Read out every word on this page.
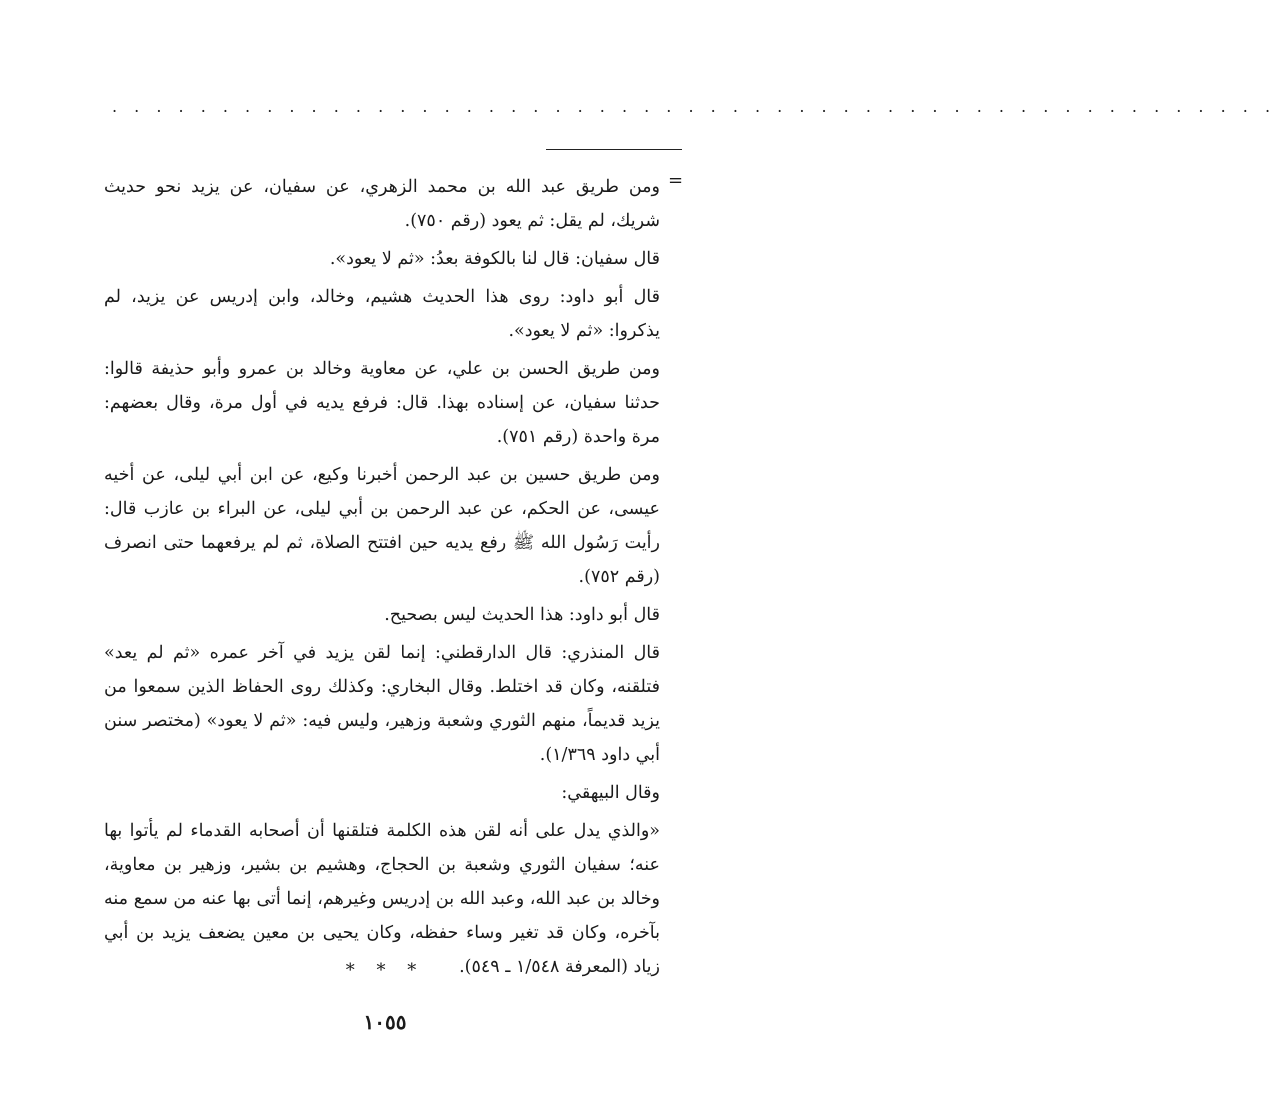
. . . . . . . . . . . . . . . . . . . . . . . . . . . . . . . . . . . . . . . . . . . . . . . . . . . . .
=

ومن طريق عبد الله بن محمد الزهري، عن سفيان، عن يزيد نحو حديث شريك، لم يقل: ثم يعود (رقم ٧٥٠).

قال سفيان: قال لنا بالكوفة بعدُ: «ثم لا يعود».

قال أبو داود: روى هذا الحديث هشيم، وخالد، وابن إدريس عن يزيد، لم يذكروا: «ثم لا يعود».

ومن طريق الحسن بن علي، عن معاوية وخالد بن عمرو وأبو حذيفة قالوا: حدثنا سفيان، عن إسناده بهذا. قال: فرفع يديه في أول مرة، وقال بعضهم: مرة واحدة (رقم ٧٥١).

ومن طريق حسين بن عبد الرحمن أخبرنا وكيع، عن ابن أبي ليلى، عن أخيه عيسى، عن الحكم، عن عبد الرحمن بن أبي ليلى، عن البراء بن عازب قال: رأيت رَسُول الله ﷺ رفع يديه حين افتتح الصلاة، ثم لم يرفعهما حتى انصرف (رقم ٧٥٢).

قال أبو داود: هذا الحديث ليس بصحيح.

قال المنذري: قال الدارقطني: إنما لقن يزيد في آخر عمره «ثم لم يعد» فتلقنه، وكان قد اختلط. وقال البخاري: وكذلك روى الحفاظ الذين سمعوا من يزيد قديماً، منهم الثوري وشعبة وزهير، وليس فيه: «ثم لا يعود» (مختصر سنن أبي داود ١/٣٦٩).

وقال البيهقي:

«والذي يدل على أنه لقن هذه الكلمة فتلقنها أن أصحابه القدماء لم يأتوا بها عنه؛ سفيان الثوري وشعبة بن الحجاج، وهشيم بن بشير، وزهير بن معاوية، وخالد بن عبد الله، وعبد الله بن إدريس وغيرهم، إنما أتى بها عنه من سمع منه بآخره، وكان قد تغير وساء حفظه، وكان يحيى بن معين يضعف يزيد بن أبي زياد (المعرفة ١/٥٤٨ ـ ٥٤٩).

* * *
١٠٥٥
